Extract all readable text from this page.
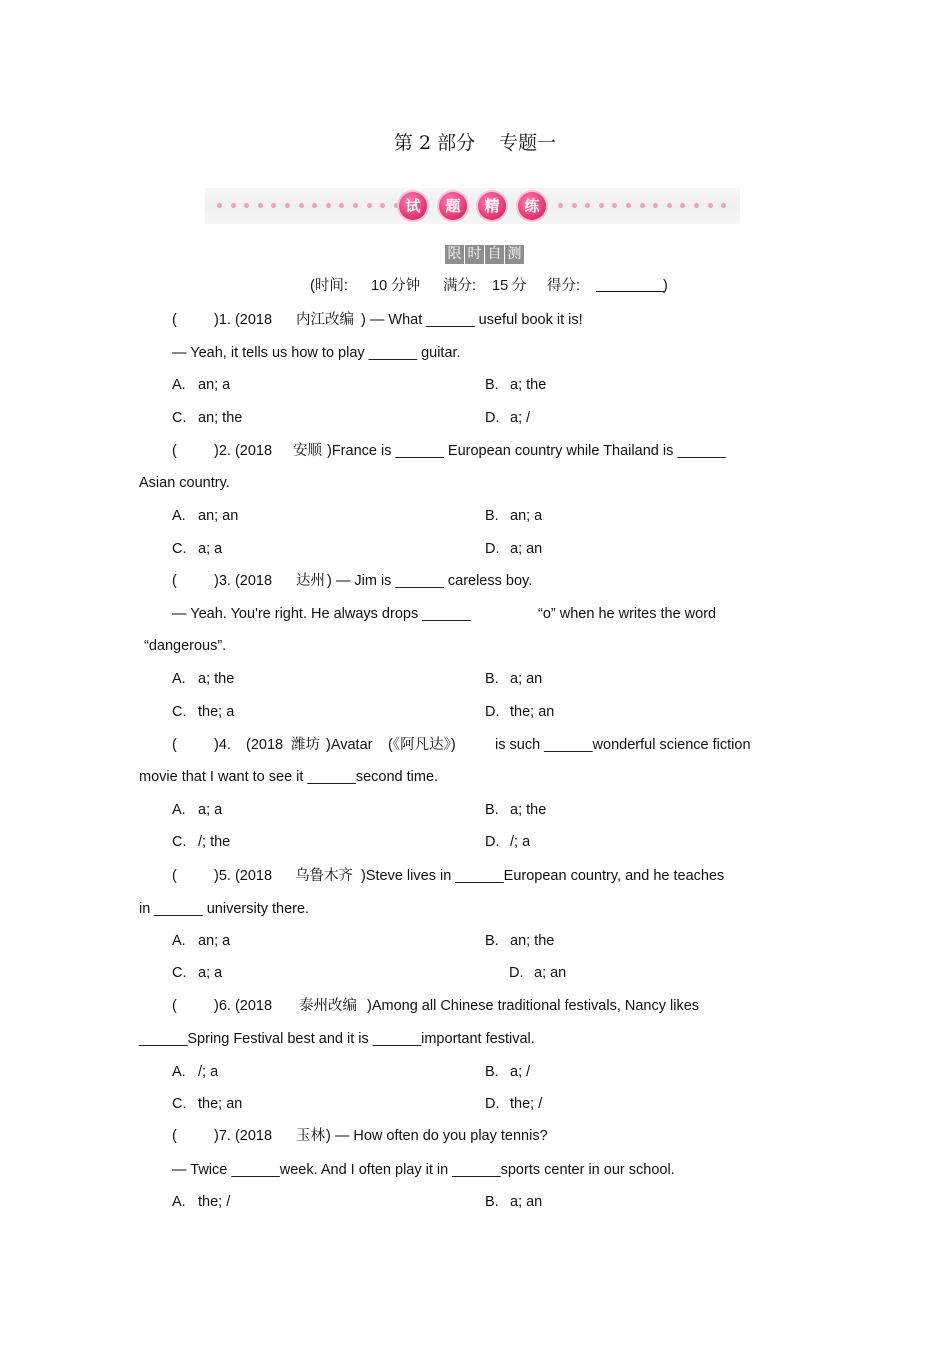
第 2 部分 专题一
试	题	精	练
限 时 自 测
(时间: 10 分钟 满分: 15 分 得分:	)
(	)1. (2018 内江改编 ) — What ______ useful book it is!
— Yeah, it tells us how to play ______ guitar.
A. an; a	B. a; the
C. an; the	D. a; /
(	)2. (2018 安顺 )France is ______ European country while Thailand is ______
Asian country.
A. an; an	B. an; a
C. a; a	D. a; an
(	)3. (2018 达州 ) — Jim is ______ careless boy.
— Yeah. You're right. He always drops ______	“o” when he writes the word
“dangerous”.
A. a; the	B. a; an
C. the; a	D. the; an
(	)4. (2018 潍坊 )Avatar (《阿凡达》)	is such ______wonderful science fiction
movie that I want to see it ______second time.
A. a; a	B. a; the
C. /; the	D. /; a
(	)5. (2018 乌鲁木齐 )Steve lives in ______European country, and he teaches
in ______ university there.
A. an; a	B. an; the
C. a; a	D. a; an
(	)6. (2018 泰州改编 )Among all Chinese traditional festivals, Nancy likes
______Spring Festival best and it is ______important festival.
A. /; a	B. a; /
C. the; an	D. the; /
(	)7. (2018 玉林 ) — How often do you play tennis?
— Twice ______week. And I often play it in ______sports center in our school.
A. the; /	B. a; an
